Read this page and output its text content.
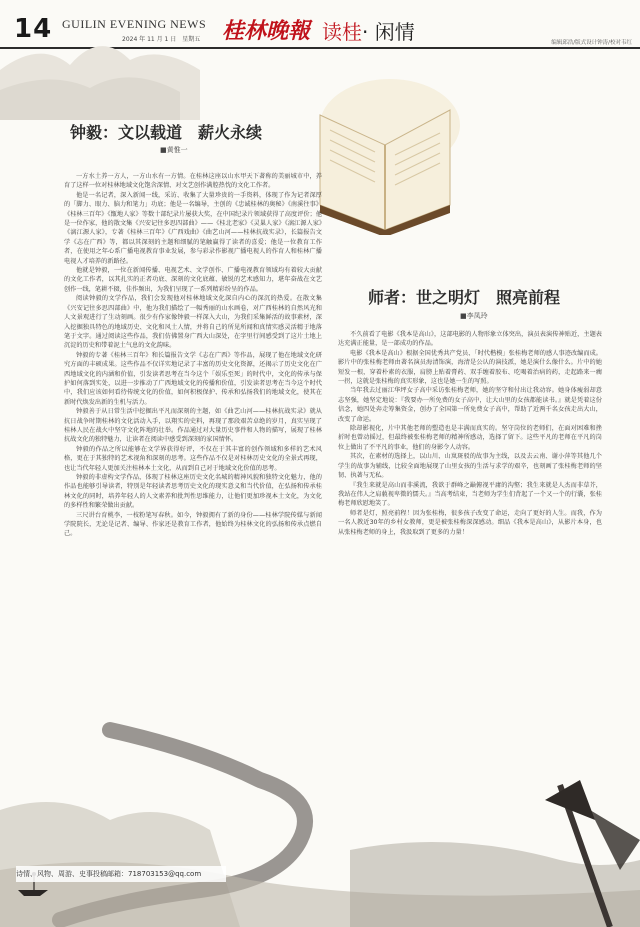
14 GUILIN EVENING NEWS
2024 年 11 月 1 日　星期五 桂林晚報 读桂· 闲情	编辑邱浩/版式设计钟涛/校对韦红
钟毅：文以载道　薪火永续
■黄惟一

一方水土养一方人，一方山水有一方情。在桂林这座以山水甲天下著称的美丽城市中，养育了这样一位对桂林地域文化饱含深情、对文艺创作满腔热忱的文化工作者。

他是一名记者，深入新闻一线，采访、收集了大量珍贵的一手资料，体现了作为记者深厚的「脚力、眼力、脑力和笔力」功底；他是一名编导，主创的《忠诚桂林的奥秘》《南溪往事》《桂林三百年》《甑地人家》等数十部纪录片屡获大奖，在中国纪录片领域获得了高度评价；他是一位作家，他的散文集《兴安记往多思四部曲》——《桂北老家》《灵巢人家》《漓江源人家》《漓江源人家》，专著《桂林三百年》《广西戏曲》《曲艺山河——桂林抗战实录》，长篇报告文学《志在广西》等，都以其深刻的主题和细腻的笔触赢得了读者的喜爱；他是一位教育工作者，在使用之年心系广播电视教育事业发展，参与彩录作影视广播电视人的作育人和桂林广播电视人才培养的新路径。

他就是钟毅，一位在新闻传播、电视艺术、文学创作、广播电视教育领域均有着较大贡献的文化工作者，以其扎实的正者功底、深刻的文化底蕴、敏锐的艺术感知力，堪年奋战在文艺创作一线，笔耕不辍，佳作频出，为我们呈现了一系列精彩纷呈的作品。

阅读钟毅的文学作品，我们会发现他对桂林地域文化深自内心的深沉的热爱。在散文集《兴安记往多思四部曲》中，他为我们描绘了一幅秀丽的山水画卷，对广西桂林的自然风光和人文景观进行了生动刻画。很少有作家像钟毅一样深入大山，为我们采集鲜活的故事素材，深入挖掘独具特色的地域历史、文化和风土人情，并将自己的所见所闻和真情实感灵活精于地落笔于文字。通过阅读这些作品，我们仿佛置身广西大山深处，在字里行间感受到了这片土地上沉淀的历史和带着泥土气息的文化韵味。

钟毅的专著《桂林三百年》和长篇报告文学《志在广西》等作品，展现了他在地域文化研究方面的丰硕成果。这些作品不仅详实地记录了丰富的历史文化资源，还揭示了历史文化在广西地域文化的内涵和价值，引发读者思考在当今这个「娱乐至死」的时代中，文化的传承与保护如何落到实处，以进一步推动了广西地域文化的传播和价值，引发读者思考在当今这个时代中，我们应该如何看待传统文化的价值，如何积极保护、传承和弘扬我们的地域文化，使其在新时代焕发出新的生机与活力。

钟毅善于从日常生活中挖掘出平凡而深刻的主题，如《曲艺山河——桂林抗战实录》就从抗日战争时期桂林的文化活动入手，以翔实的史料，再现了那段艰苦卓绝的岁月，真实呈现了桂林人民在战火中坚守文化阵地的壮举。作品通过对大量历史事件和人物的描写，展现了桂林抗战文化的独特魅力，让读者在阅读中感受到深刻的家国情怀。

钟毅的作品之所以能够在文学界获得好评，不仅在于其丰富的创作领域和多样的艺术风格，更在于其独特的艺术视角和深刻的思考。这些作品不仅是对桂林历史文化的全景式再现，也让当代年轻人更加关注桂林本土文化，从而到自己对于地域文化价值的思考。

钟毅的非虚构文学作品，体现了桂林这座历史文化名城的精神风貌和独特文化魅力，他的作品也能够引导读者，特别是年轻读者思考历史文化的现实意义和当代价值，在弘扬和传承桂林文化的同时，培养年轻人的人文素养和批判性思维能力，让他们更加珍视本土文化，为文化的多样性和繁荣做出贡献。

三尺讲台育桃李，一枝粉笔写春秋。如今，钟毅拥有了新的身份——桂林学院传媒与新闻学院院长，无论是记者、编导、作家还是教育工作者，他始终为桂林文化的弘扬和传承点燃自己。

师者：世之明灯　照亮前程
■李凤玲

不久前看了电影《我本是高山》，这部电影的人物形象立体突出，演员表演传神贴近，主题表达充满正能量，是一部成功的作品。

电影《我本是高山》根据全国优秀共产党员、「时代楷模」张桂梅老师的感人事迹改编而成。影片中的张桂梅老师由著名演员海清饰演，海清是公认的演技派，她是演什么像什么。片中的她短发一根，穿着朴素的衣服，肩膀上贴着膏药、双手缠着胶布、吃喝着治病的药，走起路来一瘸一拐，这就是张桂梅的真实形象，这也是她一生的写照。

当年我去过丽江华坪女子高中采访张桂梅老师，她的坚守和付出让我动容。她身体瘦弱却意志坚强，她坚定地说：『我要办一所免费的女子高中，让大山里的女孩都能读书。』就是凭着这份信念，她四处奔走筹集资金，创办了全国第一所免费女子高中，帮助了近两千名女孩走出大山，改变了命运。

除却影视化，片中其他老师的塑造也是丰满而真实的。坚守岗位的老师们，在面对困难和挫折时也曾动摇过，但最终被张桂梅老师的精神所感动，选择了留下。这些平凡的老师在平凡的岗位上做出了不平凡的事业，他们的身影令人动容。

其次，在素材的选择上，以山川、山岚斑驳的故事为主线，以及去云南、谢小萍等其他几个学生的故事为辅线，比较全面地展现了山里女孩的生活与求学的艰辛，也刻画了张桂梅老师的坚韧、执著与无私。

『我生来就是高山而非溪流，我欲于群峰之巅俯视平庸的沟壑；我生来就是人杰而非草芥，我站在伟人之肩藐视卑微的懦夫。』当高考结束，当老师为学生们背起了一个又一个的行囊，张桂梅老师欣慰地笑了。

师者是灯，照亮前程！因为张桂梅，很多孩子改变了命运，走向了更好的人生。而我，作为一名人教近30年的乡村女教师，更是被张桂梅深深感动。细品《我本是高山》，从影片本身，也从张桂梅老师的身上，我汲取到了更多的力量！

诗情、风物、周游、史事投稿邮箱：718703153@qq.com
